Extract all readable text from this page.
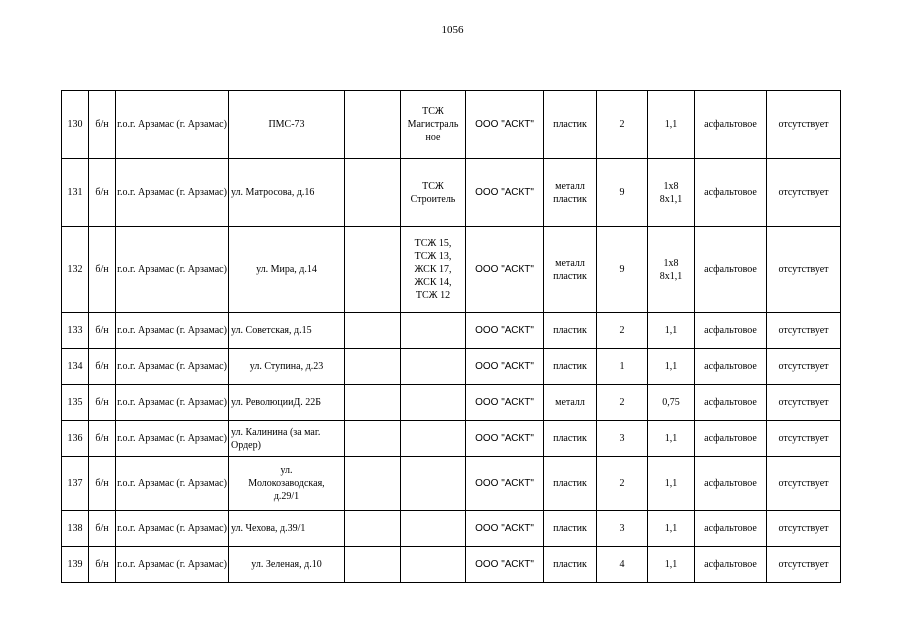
1056
130	б/н	г.о.г. Арзамас (г. Арзамас)	ПМС-73		ТСЖ
Магистраль
ное	ООО "АСКТ"	пластик	2	1,1	асфальтовое	отсутствует
131	б/н	г.о.г. Арзамас (г. Арзамас)	ул. Матросова, д.16		ТСЖ
Строитель	ООО "АСКТ"	металл
пластик	9	1х8
8х1,1	асфальтовое	отсутствует
132	б/н	г.о.г. Арзамас (г. Арзамас)	ул. Мира, д.14		ТСЖ 15,
ТСЖ 13,
ЖСК 17,
ЖСК 14,
ТСЖ 12	ООО "АСКТ"	металл
пластик	9	1х8
8х1,1	асфальтовое	отсутствует
133	б/н	г.о.г. Арзамас (г. Арзамас)	ул. Советская, д.15			ООО "АСКТ"	пластик	2	1,1	асфальтовое	отсутствует
134	б/н	г.о.г. Арзамас (г. Арзамас)	ул. Ступина, д.23			ООО "АСКТ"	пластик	1	1,1	асфальтовое	отсутствует
135	б/н	г.о.г. Арзамас (г. Арзамас)	ул. РеволюцииД. 22Б			ООО "АСКТ"	металл	2	0,75	асфальтовое	отсутствует
136	б/н	г.о.г. Арзамас (г. Арзамас)	ул. Калинина (за маг. Ордер)			ООО "АСКТ"	пластик	3	1,1	асфальтовое	отсутствует
137	б/н	г.о.г. Арзамас (г. Арзамас)	ул.
Молокозаводская,
д.29/1			ООО "АСКТ"	пластик	2	1,1	асфальтовое	отсутствует
138	б/н	г.о.г. Арзамас (г. Арзамас)	ул. Чехова, д.39/1			ООО "АСКТ"	пластик	3	1,1	асфальтовое	отсутствует
139	б/н	г.о.г. Арзамас (г. Арзамас)	ул. Зеленая, д.10			ООО "АСКТ"	пластик	4	1,1	асфальтовое	отсутствует
